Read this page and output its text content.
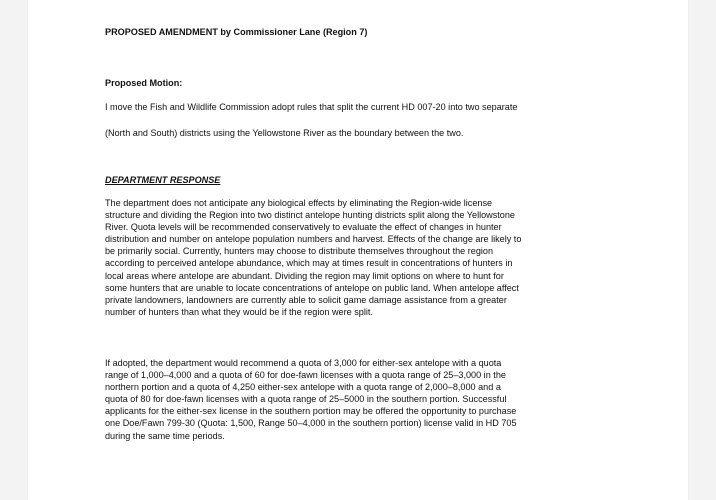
PROPOSED AMENDMENT by Commissioner Lane (Region 7)
Proposed Motion:
I move the Fish and Wildlife Commission adopt rules that split the current HD 007-20 into two separate
(North and South) districts using the Yellowstone River as the boundary between the two.
DEPARTMENT RESPONSE
The department does not anticipate any biological effects by eliminating the Region-wide license
structure and dividing the Region into two distinct antelope hunting districts split along the Yellowstone
River. Quota levels will be recommended conservatively to evaluate the effect of changes in hunter
distribution and number on antelope population numbers and harvest. Effects of the change are likely to
be primarily social. Currently, hunters may choose to distribute themselves throughout the region
according to perceived antelope abundance, which may at times result in concentrations of hunters in
local areas where antelope are abundant. Dividing the region may limit options on where to hunt for
some hunters that are unable to locate concentrations of antelope on public land. When antelope affect
private landowners, landowners are currently able to solicit game damage assistance from a greater
number of hunters than what they would be if the region were split.
If adopted, the department would recommend a quota of 3,000 for either-sex antelope with a quota
range of 1,000–4,000 and a quota of 60 for doe-fawn licenses with a quota range of 25–3,000 in the
northern portion and a quota of 4,250 either-sex antelope with a quota range of 2,000–8,000 and a
quota of 80 for doe-fawn licenses with a quota range of 25–5000 in the southern portion. Successful
applicants for the either-sex license in the southern portion may be offered the opportunity to purchase
one Doe/Fawn 799-30 (Quota: 1,500, Range 50–4,000 in the southern portion) license valid in HD 705
during the same time periods.
